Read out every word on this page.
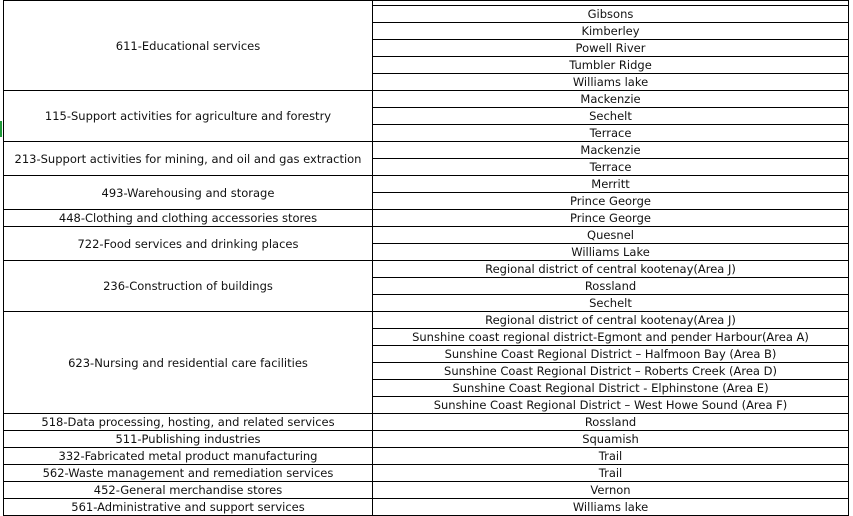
611-Educational services	
	Gibsons
	Kimberley
	Powell River
	Tumbler Ridge
	Williams lake
115-Support activities for agriculture and forestry	Mackenzie
	Sechelt
	Terrace
213-Support activities for mining, and oil and gas extraction	Mackenzie
	Terrace
493-Warehousing and storage	Merritt
	Prince George
448-Clothing and clothing accessories stores	Prince George
722-Food services and drinking places	Quesnel
	Williams Lake
236-Construction of buildings	Regional district of central kootenay(Area J)
	Rossland
	Sechelt
623-Nursing and residential care facilities	Regional district of central kootenay(Area J)
	Sunshine coast regional district-Egmont and pender Harbour(Area A)
	Sunshine Coast Regional District – Halfmoon Bay (Area B)
	Sunshine Coast Regional District – Roberts Creek (Area D)
	Sunshine Coast Regional District - Elphinstone (Area E)
	Sunshine Coast Regional District – West Howe Sound (Area F)
518-Data processing, hosting, and related services	Rossland
511-Publishing industries	Squamish
332-Fabricated metal product manufacturing	Trail
562-Waste management and remediation services	Trail
452-General merchandise stores	Vernon
561-Administrative and support services	Williams lake
